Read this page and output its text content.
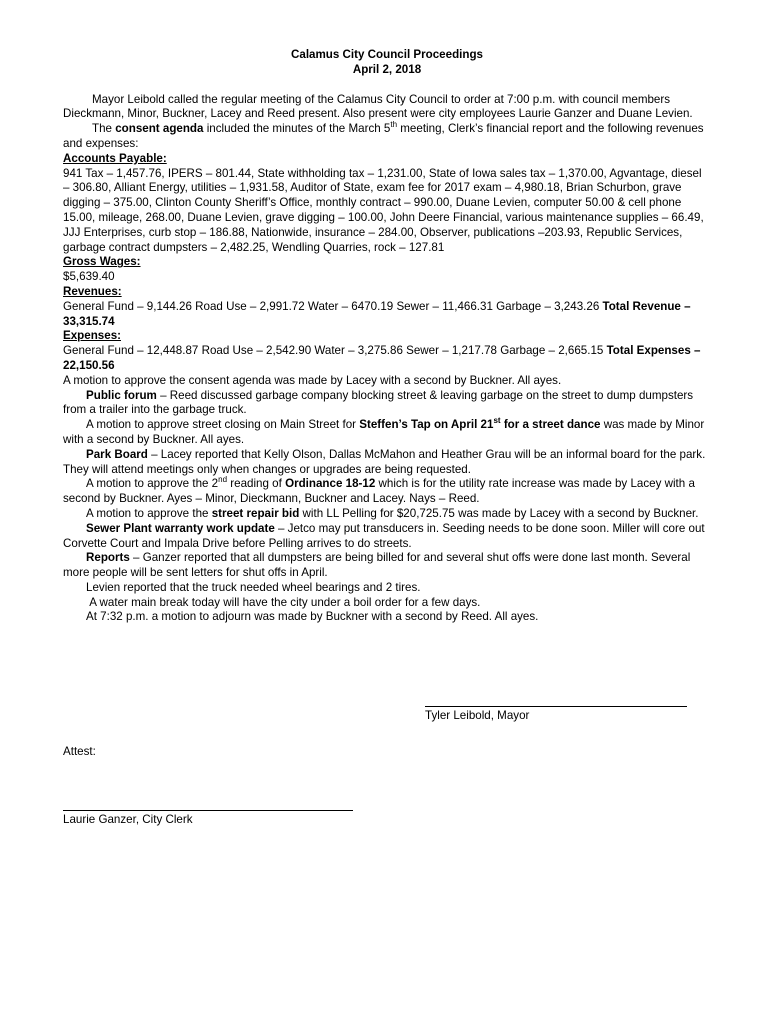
Calamus City Council Proceedings
April 2, 2018

Mayor Leibold called the regular meeting of the Calamus City Council to order at 7:00 p.m. with council members Dieckmann, Minor, Buckner, Lacey and Reed present. Also present were city employees Laurie Ganzer and Duane Levien.

The consent agenda included the minutes of the March 5th meeting, Clerk’s financial report and the following revenues and expenses:

Accounts Payable:

941 Tax – 1,457.76, IPERS – 801.44, State withholding tax – 1,231.00, State of Iowa sales tax – 1,370.00, Agvantage, diesel – 306.80, Alliant Energy, utilities – 1,931.58, Auditor of State, exam fee for 2017 exam – 4,980.18, Brian Schurbon, grave digging – 375.00, Clinton County Sheriff’s Office, monthly contract – 990.00, Duane Levien, computer 50.00 & cell phone 15.00, mileage, 268.00, Duane Levien, grave digging – 100.00, John Deere Financial, various maintenance supplies – 66.49, JJJ Enterprises, curb stop – 186.88, Nationwide, insurance – 284.00, Observer, publications –203.93, Republic Services, garbage contract dumpsters – 2,482.25, Wendling Quarries, rock – 127.81

Gross Wages:
$5,639.40
Revenues:

General Fund – 9,144.26 Road Use – 2,991.72 Water – 6470.19 Sewer – 11,466.31 Garbage – 3,243.26 Total Revenue – 33,315.74

Expenses:

General Fund – 12,448.87 Road Use – 2,542.90 Water – 3,275.86 Sewer – 1,217.78 Garbage – 2,665.15 Total Expenses – 22,150.56

A motion to approve the consent agenda was made by Lacey with a second by Buckner. All ayes.

Public forum – Reed discussed garbage company blocking street & leaving garbage on the street to dump dumpsters from a trailer into the garbage truck.

A motion to approve street closing on Main Street for Steffen’s Tap on April 21st for a street dance was made by Minor with a second by Buckner. All ayes.

Park Board – Lacey reported that Kelly Olson, Dallas McMahon and Heather Grau will be an informal board for the park. They will attend meetings only when changes or upgrades are being requested.

A motion to approve the 2nd reading of Ordinance 18-12 which is for the utility rate increase was made by Lacey with a second by Buckner. Ayes – Minor, Dieckmann, Buckner and Lacey. Nays – Reed.

A motion to approve the street repair bid with LL Pelling for $20,725.75 was made by Lacey with a second by Buckner.

Sewer Plant warranty work update – Jetco may put transducers in. Seeding needs to be done soon. Miller will core out Corvette Court and Impala Drive before Pelling arrives to do streets.

Reports – Ganzer reported that all dumpsters are being billed for and several shut offs were done last month. Several more people will be sent letters for shut offs in April.

Levien reported that the truck needed wheel bearings and 2 tires.

A water main break today will have the city under a boil order for a few days.

At 7:32 p.m. a motion to adjourn was made by Buckner with a second by Reed. All ayes.

Tyler Leibold, Mayor
Attest:
Laurie Ganzer, City Clerk
